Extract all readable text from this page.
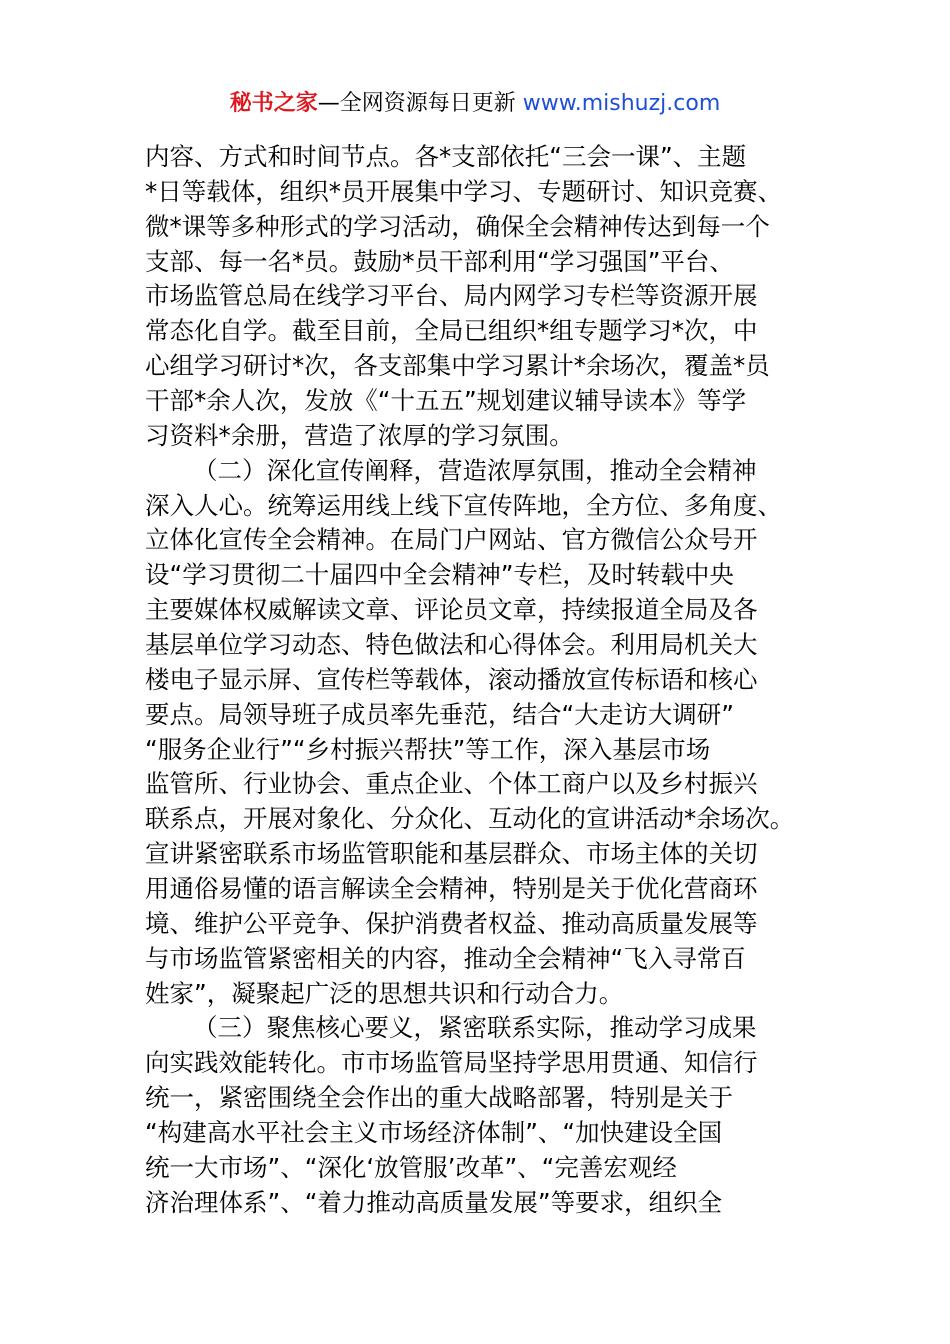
秘书之家—全网资源每日更新 www.mishuzj.com
内容、方式和时间节点。各*支部依托“三会一课”、主题
*日等载体，组织*员开展集中学习、专题研讨、知识竞赛、
微*课等多种形式的学习活动，确保全会精神传达到每一个
支部、每一名*员。鼓励*员干部利用“学习强国”平台、
市场监管总局在线学习平台、局内网学习专栏等资源开展
常态化自学。截至目前，全局已组织*组专题学习*次，中
心组学习研讨*次，各支部集中学习累计*余场次，覆盖*员
干部*余人次，发放《“十五五”规划建议辅导读本》等学
习资料*余册，营造了浓厚的学习氛围。
（二）深化宣传阐释，营造浓厚氛围，推动全会精神
深入人心。统筹运用线上线下宣传阵地，全方位、多角度、
立体化宣传全会精神。在局门户网站、官方微信公众号开
设“学习贯彻二十届四中全会精神”专栏，及时转载中央
主要媒体权威解读文章、评论员文章，持续报道全局及各
基层单位学习动态、特色做法和心得体会。利用局机关大
楼电子显示屏、宣传栏等载体，滚动播放宣传标语和核心
要点。局领导班子成员率先垂范，结合“大走访大调研”
“服务企业行”“乡村振兴帮扶”等工作，深入基层市场
监管所、行业协会、重点企业、个体工商户以及乡村振兴
联系点，开展对象化、分众化、互动化的宣讲活动*余场次。
宣讲紧密联系市场监管职能和基层群众、市场主体的关切
用通俗易懂的语言解读全会精神，特别是关于优化营商环
境、维护公平竞争、保护消费者权益、推动高质量发展等
与市场监管紧密相关的内容，推动全会精神“飞入寻常百
姓家”，凝聚起广泛的思想共识和行动合力。
（三）聚焦核心要义，紧密联系实际，推动学习成果
向实践效能转化。市市场监管局坚持学思用贯通、知信行
统一，紧密围绕全会作出的重大战略部署，特别是关于
“构建高水平社会主义市场经济体制”、“加快建设全国
统一大市场”、“深化‘放管服’改革”、“完善宏观经
济治理体系”、“着力推动高质量发展”等要求，组织全
